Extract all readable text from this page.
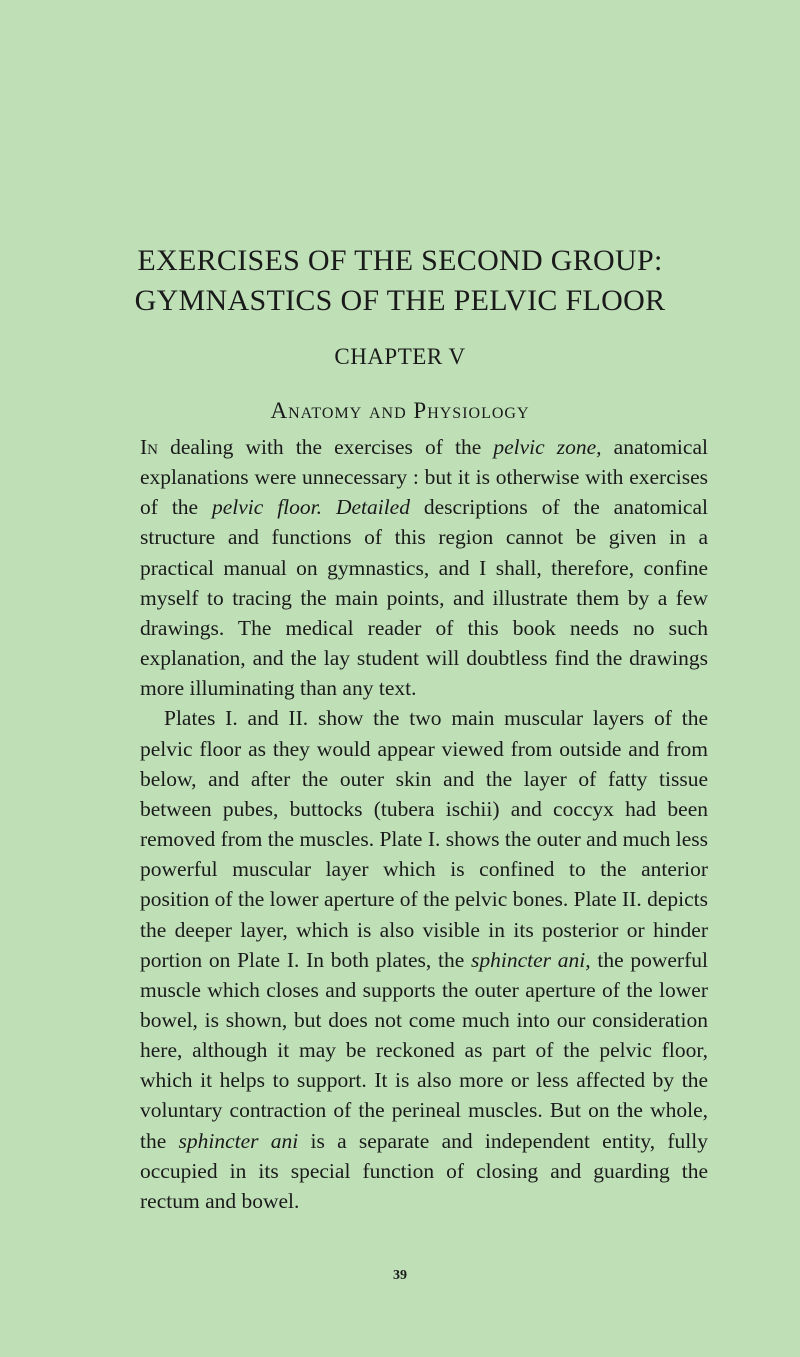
EXERCISES OF THE SECOND GROUP:
GYMNASTICS OF THE PELVIC FLOOR
CHAPTER V
Anatomy and Physiology

In dealing with the exercises of the pelvic zone, anatomical explanations were unnecessary : but it is otherwise with exercises of the pelvic floor. Detailed descriptions of the anatomical structure and functions of this region cannot be given in a practical manual on gymnastics, and I shall, therefore, confine myself to tracing the main points, and illustrate them by a few drawings. The medical reader of this book needs no such explanation, and the lay student will doubtless find the drawings more illuminating than any text.

Plates I. and II. show the two main muscular layers of the pelvic floor as they would appear viewed from outside and from below, and after the outer skin and the layer of fatty tissue between pubes, buttocks (tubera ischii) and coccyx had been removed from the muscles. Plate I. shows the outer and much less powerful muscular layer which is confined to the anterior position of the lower aperture of the pelvic bones. Plate II. depicts the deeper layer, which is also visible in its posterior or hinder portion on Plate I. In both plates, the sphincter ani, the powerful muscle which closes and supports the outer aperture of the lower bowel, is shown, but does not come much into our consideration here, although it may be reckoned as part of the pelvic floor, which it helps to support. It is also more or less affected by the voluntary contraction of the perineal muscles. But on the whole, the sphincter ani is a separate and independent entity, fully occupied in its special function of closing and guarding the rectum and bowel.

39
